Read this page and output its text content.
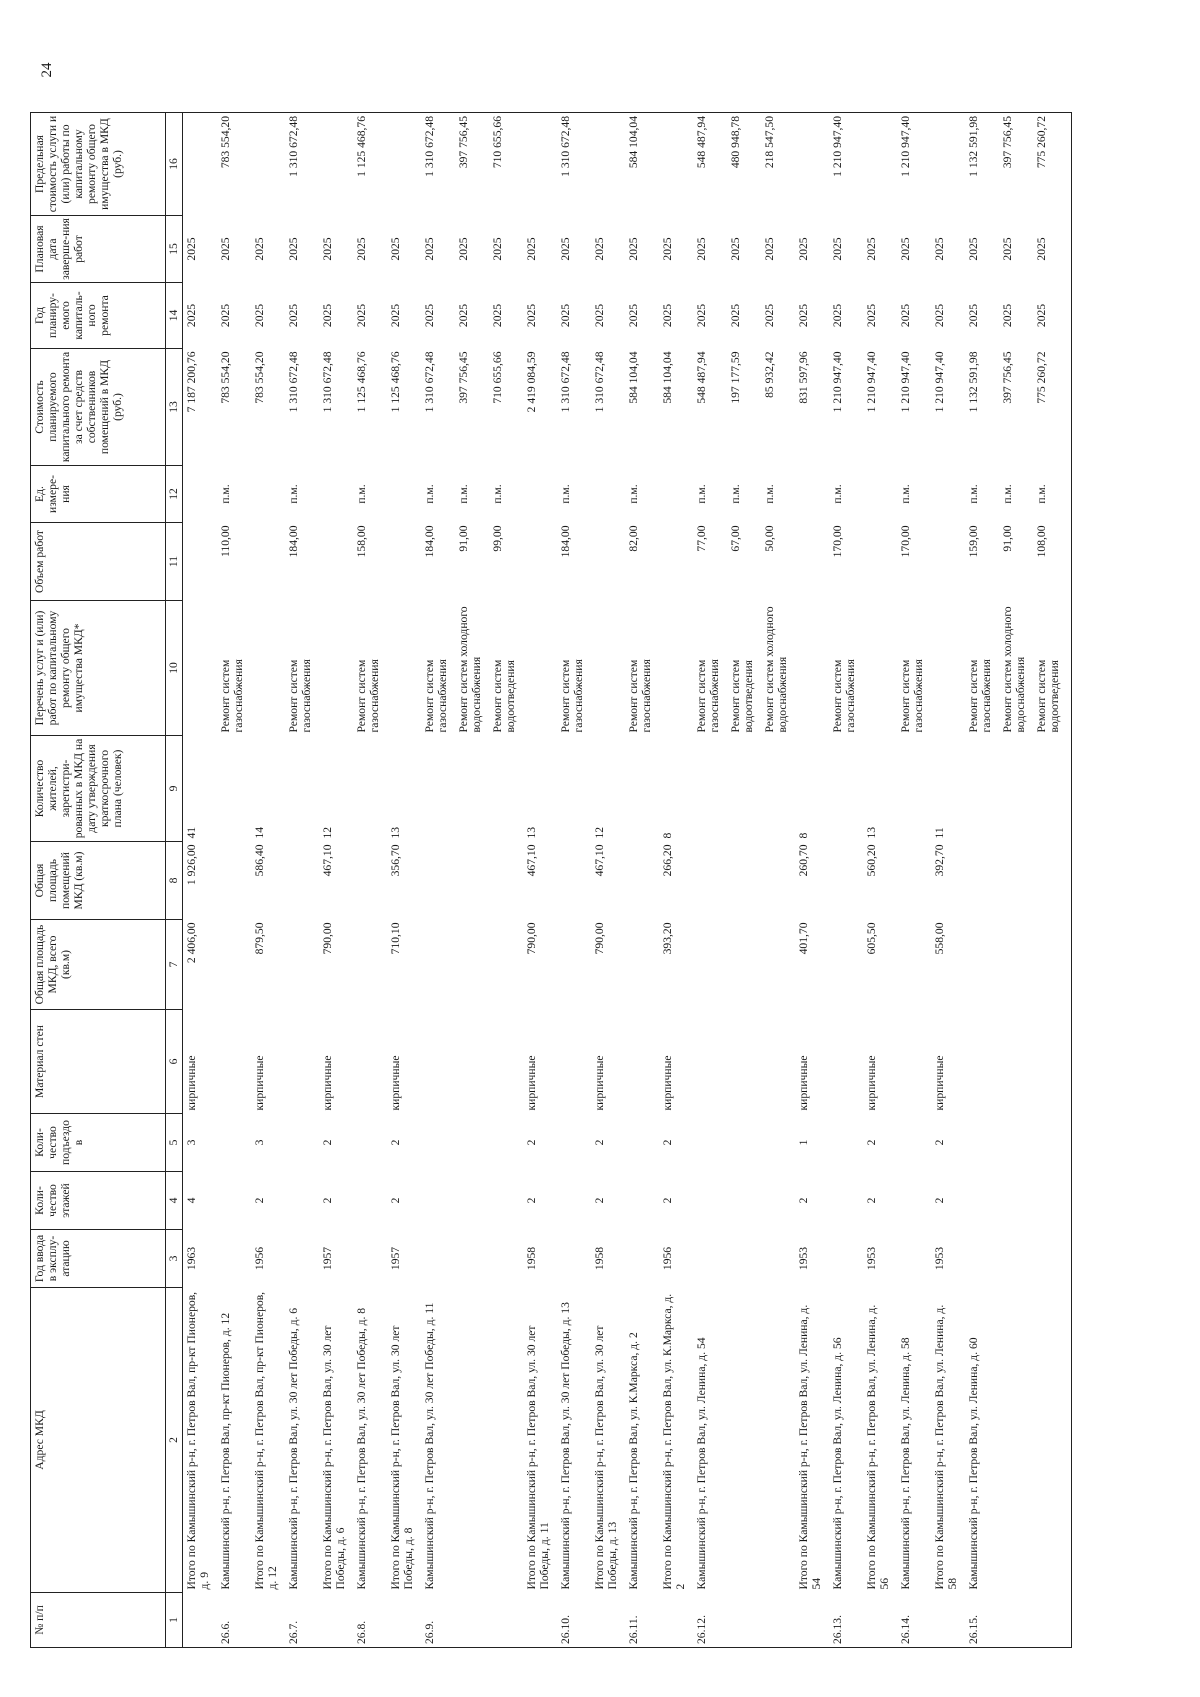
24
№ п/п	Адрес МКД	Год ввода в эксплу-атацию	Коли-чество этажей	Коли-чество подъездо в	Материал стен	Общая площадь МКД, всего (кв.м)	Общая площадь помещений МКД (кв.м)	Количество жителей, зарегистри-рованных в МКД на дату утверждения краткосрочного плана (человек)	Перечень услуг и (или) работ по капитальному ремонту общего имущества МКД*	Объем работ	Ед. измере-ния	Стоимость планируемого капитального ремонта за счет средств собственников помещений в МКД (руб.)	Год планиру-емого капиталь-ного ремонта	Плановая дата заверше-ния работ	Предельная стоимость услуги и (или) работы по капитальному ремонту общего имущества в МКД (руб.)
1	2	3	4	5	6	7	8	9	10	11	12	13	14	15	16
	Итого по Камышинский р-н, г. Петров Вал, пр-кт Пионеров, д. 9	1963	4	3	кирпичные	2 406,00	1 926,00	41				7 187 200,76	2025	2025	
26.6.	Камышинский р-н, г. Петров Вал, пр-кт Пионеров, д. 12								Ремонт систем газоснабжения	110,00	п.м.	783 554,20	2025	2025	783 554,20
	Итого по Камышинский р-н, г. Петров Вал, пр-кт Пионеров, д. 12	1956	2	3	кирпичные	879,50	586,40	14				783 554,20	2025	2025	
26.7.	Камышинский р-н, г. Петров Вал, ул. 30 лет Победы, д. 6								Ремонт систем газоснабжения	184,00	п.м.	1 310 672,48	2025	2025	1 310 672,48
	Итого по Камышинский р-н, г. Петров Вал, ул. 30 лет Победы, д. 6	1957	2	2	кирпичные	790,00	467,10	12				1 310 672,48	2025	2025	
26.8.	Камышинский р-н, г. Петров Вал, ул. 30 лет Победы, д. 8								Ремонт систем газоснабжения	158,00	п.м.	1 125 468,76	2025	2025	1 125 468,76
	Итого по Камышинский р-н, г. Петров Вал, ул. 30 лет Победы, д. 8	1957	2	2	кирпичные	710,10	356,70	13				1 125 468,76	2025	2025	
26.9.	Камышинский р-н, г. Петров Вал, ул. 30 лет Победы, д. 11								Ремонт систем газоснабжения	184,00	п.м.	1 310 672,48	2025	2025	1 310 672,48
									Ремонт систем холодного водоснабжения	91,00	п.м.	397 756,45	2025	2025	397 756,45
									Ремонт систем водоотведения	99,00	п.м.	710 655,66	2025	2025	710 655,66
	Итого по Камышинский р-н, г. Петров Вал, ул. 30 лет Победы, д. 11	1958	2	2	кирпичные	790,00	467,10	13				2 419 084,59	2025	2025	
26.10.	Камышинский р-н, г. Петров Вал, ул. 30 лет Победы, д. 13								Ремонт систем газоснабжения	184,00	п.м.	1 310 672,48	2025	2025	1 310 672,48
	Итого по Камышинский р-н, г. Петров Вал, ул. 30 лет Победы, д. 13	1958	2	2	кирпичные	790,00	467,10	12				1 310 672,48	2025	2025	
26.11.	Камышинский р-н, г. Петров Вал, ул. К.Маркса, д. 2								Ремонт систем газоснабжения	82,00	п.м.	584 104,04	2025	2025	584 104,04
	Итого по Камышинский р-н, г. Петров Вал, ул. К.Маркса, д. 2	1956	2	2	кирпичные	393,20	266,20	8				584 104,04	2025	2025	
26.12.	Камышинский р-н, г. Петров Вал, ул. Ленина, д. 54								Ремонт систем газоснабжения	77,00	п.м.	548 487,94	2025	2025	548 487,94
									Ремонт систем водоотведения	67,00	п.м.	197 177,59	2025	2025	480 948,78
									Ремонт систем холодного водоснабжения	50,00	п.м.	85 932,42	2025	2025	218 547,50
	Итого по Камышинский р-н, г. Петров Вал, ул. Ленина, д. 54	1953	2	1	кирпичные	401,70	260,70	8				831 597,96	2025	2025	
26.13.	Камышинский р-н, г. Петров Вал, ул. Ленина, д. 56								Ремонт систем газоснабжения	170,00	п.м.	1 210 947,40	2025	2025	1 210 947,40
	Итого по Камышинский р-н, г. Петров Вал, ул. Ленина, д. 56	1953	2	2	кирпичные	605,50	560,20	13				1 210 947,40	2025	2025	
26.14.	Камышинский р-н, г. Петров Вал, ул. Ленина, д. 58								Ремонт систем газоснабжения	170,00	п.м.	1 210 947,40	2025	2025	1 210 947,40
	Итого по Камышинский р-н, г. Петров Вал, ул. Ленина, д. 58	1953	2	2	кирпичные	558,00	392,70	11				1 210 947,40	2025	2025	
26.15.	Камышинский р-н, г. Петров Вал, ул. Ленина, д. 60								Ремонт систем газоснабжения	159,00	п.м.	1 132 591,98	2025	2025	1 132 591,98
									Ремонт систем холодного водоснабжения	91,00	п.м.	397 756,45	2025	2025	397 756,45
									Ремонт систем водоотведения	108,00	п.м.	775 260,72	2025	2025	775 260,72
